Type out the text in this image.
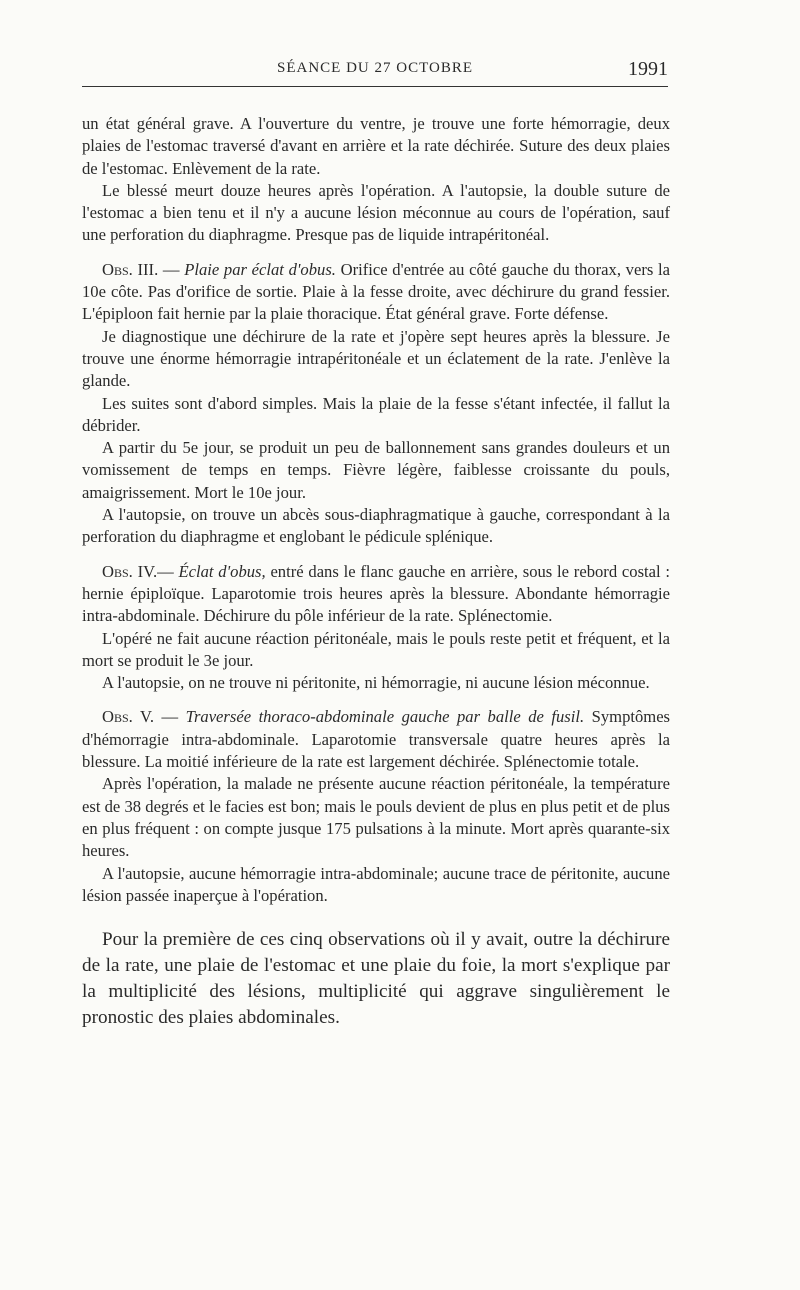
SÉANCE DU 27 OCTOBRE	1991

un état général grave. A l'ouverture du ventre, je trouve une forte hémorragie, deux plaies de l'estomac traversé d'avant en arrière et la rate déchirée. Suture des deux plaies de l'estomac. Enlèvement de la rate.

Le blessé meurt douze heures après l'opération. A l'autopsie, la double suture de l'estomac a bien tenu et il n'y a aucune lésion méconnue au cours de l'opération, sauf une perforation du diaphragme. Presque pas de liquide intrapéritonéal.

Obs. III. — Plaie par éclat d'obus. Orifice d'entrée au côté gauche du thorax, vers la 10e côte. Pas d'orifice de sortie. Plaie à la fesse droite, avec déchirure du grand fessier. L'épiploon fait hernie par la plaie thoracique. État général grave. Forte défense.

Je diagnostique une déchirure de la rate et j'opère sept heures après la blessure. Je trouve une énorme hémorragie intrapéritonéale et un éclatement de la rate. J'enlève la glande.

Les suites sont d'abord simples. Mais la plaie de la fesse s'étant infectée, il fallut la débrider.

A partir du 5e jour, se produit un peu de ballonnement sans grandes douleurs et un vomissement de temps en temps. Fièvre légère, faiblesse croissante du pouls, amaigrissement. Mort le 10e jour.

A l'autopsie, on trouve un abcès sous-diaphragmatique à gauche, correspondant à la perforation du diaphragme et englobant le pédicule splénique.

Obs. IV.— Éclat d'obus, entré dans le flanc gauche en arrière, sous le rebord costal : hernie épiploïque. Laparotomie trois heures après la blessure. Abondante hémorragie intra-abdominale. Déchirure du pôle inférieur de la rate. Splénectomie.

L'opéré ne fait aucune réaction péritonéale, mais le pouls reste petit et fréquent, et la mort se produit le 3e jour.

A l'autopsie, on ne trouve ni péritonite, ni hémorragie, ni aucune lésion méconnue.

Obs. V. — Traversée thoraco-abdominale gauche par balle de fusil. Symptômes d'hémorragie intra-abdominale. Laparotomie transversale quatre heures après la blessure. La moitié inférieure de la rate est largement déchirée. Splénectomie totale.

Après l'opération, la malade ne présente aucune réaction péritonéale, la température est de 38 degrés et le facies est bon; mais le pouls devient de plus en plus petit et de plus en plus fréquent : on compte jusque 175 pulsations à la minute. Mort après quarante-six heures.

A l'autopsie, aucune hémorragie intra-abdominale; aucune trace de péritonite, aucune lésion passée inaperçue à l'opération.

Pour la première de ces cinq observations où il y avait, outre la déchirure de la rate, une plaie de l'estomac et une plaie du foie, la mort s'explique par la multiplicité des lésions, multiplicité qui aggrave singulièrement le pronostic des plaies abdominales.
